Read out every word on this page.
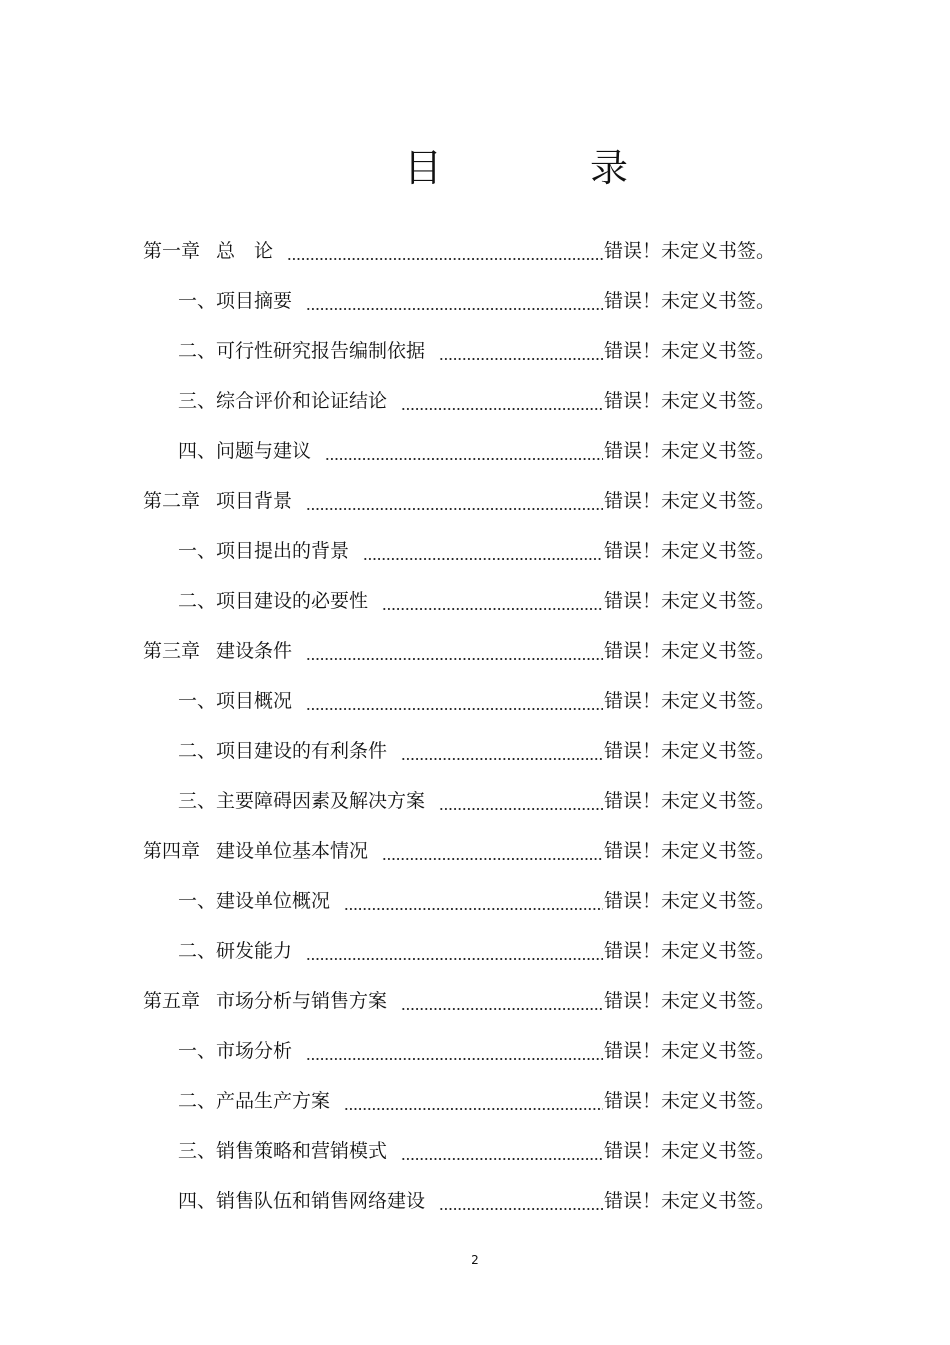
目	录
第一章 总　论	错误！未定义书签。
一、项目摘要	错误！未定义书签。
二、可行性研究报告编制依据	错误！未定义书签。
三、综合评价和论证结论	错误！未定义书签。
四、问题与建议	错误！未定义书签。
第二章 项目背景	错误！未定义书签。
一、项目提出的背景	错误！未定义书签。
二、项目建设的必要性	错误！未定义书签。
第三章 建设条件	错误！未定义书签。
一、项目概况	错误！未定义书签。
二、项目建设的有利条件	错误！未定义书签。
三、主要障碍因素及解决方案	错误！未定义书签。
第四章 建设单位基本情况	错误！未定义书签。
一、建设单位概况	错误！未定义书签。
二、研发能力	错误！未定义书签。
第五章 市场分析与销售方案	错误！未定义书签。
一、市场分析	错误！未定义书签。
二、产品生产方案	错误！未定义书签。
三、销售策略和营销模式	错误！未定义书签。
四、销售队伍和销售网络建设	错误！未定义书签。
2
